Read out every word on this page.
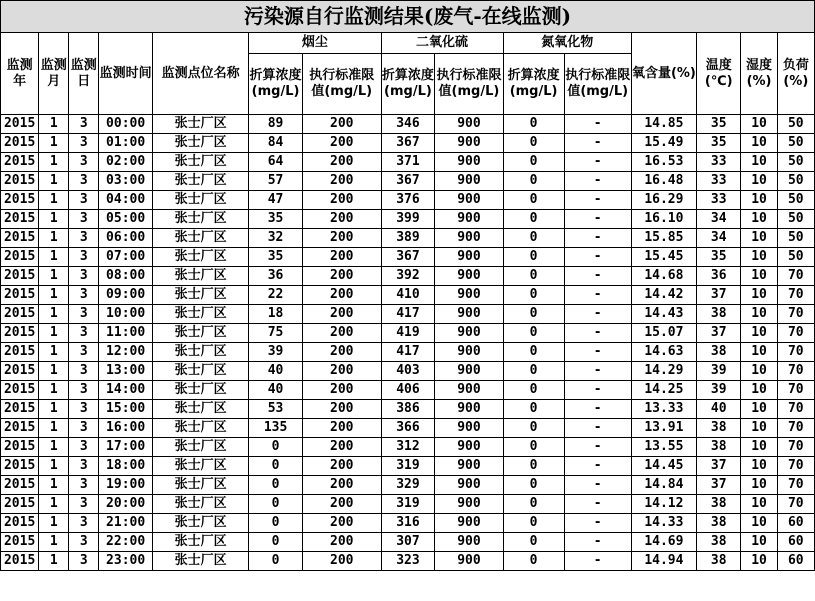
污染源自行监测结果(废气-在线监测)
监测年	监测月	监测日	监测时间	监测点位名称	烟尘		二氧化硫		氮氧化物		氧含量(%)	温度(℃)	湿度(%)	负荷(%)
					折算浓度(mg/L)	执行标准限值(mg/L)	折算浓度(mg/L)	执行标准限值(mg/L)	折算浓度(mg/L)	执行标准限值(mg/L)				
2015	1	3	00:00	张士厂区	89	200	346	900	0	-	14.85	35	10	50
2015	1	3	01:00	张士厂区	84	200	367	900	0	-	15.49	35	10	50
2015	1	3	02:00	张士厂区	64	200	371	900	0	-	16.53	33	10	50
2015	1	3	03:00	张士厂区	57	200	367	900	0	-	16.48	33	10	50
2015	1	3	04:00	张士厂区	47	200	376	900	0	-	16.29	33	10	50
2015	1	3	05:00	张士厂区	35	200	399	900	0	-	16.10	34	10	50
2015	1	3	06:00	张士厂区	32	200	389	900	0	-	15.85	34	10	50
2015	1	3	07:00	张士厂区	35	200	367	900	0	-	15.45	35	10	50
2015	1	3	08:00	张士厂区	36	200	392	900	0	-	14.68	36	10	70
2015	1	3	09:00	张士厂区	22	200	410	900	0	-	14.42	37	10	70
2015	1	3	10:00	张士厂区	18	200	417	900	0	-	14.43	38	10	70
2015	1	3	11:00	张士厂区	75	200	419	900	0	-	15.07	37	10	70
2015	1	3	12:00	张士厂区	39	200	417	900	0	-	14.63	38	10	70
2015	1	3	13:00	张士厂区	40	200	403	900	0	-	14.29	39	10	70
2015	1	3	14:00	张士厂区	40	200	406	900	0	-	14.25	39	10	70
2015	1	3	15:00	张士厂区	53	200	386	900	0	-	13.33	40	10	70
2015	1	3	16:00	张士厂区	135	200	366	900	0	-	13.91	38	10	70
2015	1	3	17:00	张士厂区	0	200	312	900	0	-	13.55	38	10	70
2015	1	3	18:00	张士厂区	0	200	319	900	0	-	14.45	37	10	70
2015	1	3	19:00	张士厂区	0	200	329	900	0	-	14.84	37	10	70
2015	1	3	20:00	张士厂区	0	200	319	900	0	-	14.12	38	10	70
2015	1	3	21:00	张士厂区	0	200	316	900	0	-	14.33	38	10	60
2015	1	3	22:00	张士厂区	0	200	307	900	0	-	14.69	38	10	60
2015	1	3	23:00	张士厂区	0	200	323	900	0	-	14.94	38	10	60
